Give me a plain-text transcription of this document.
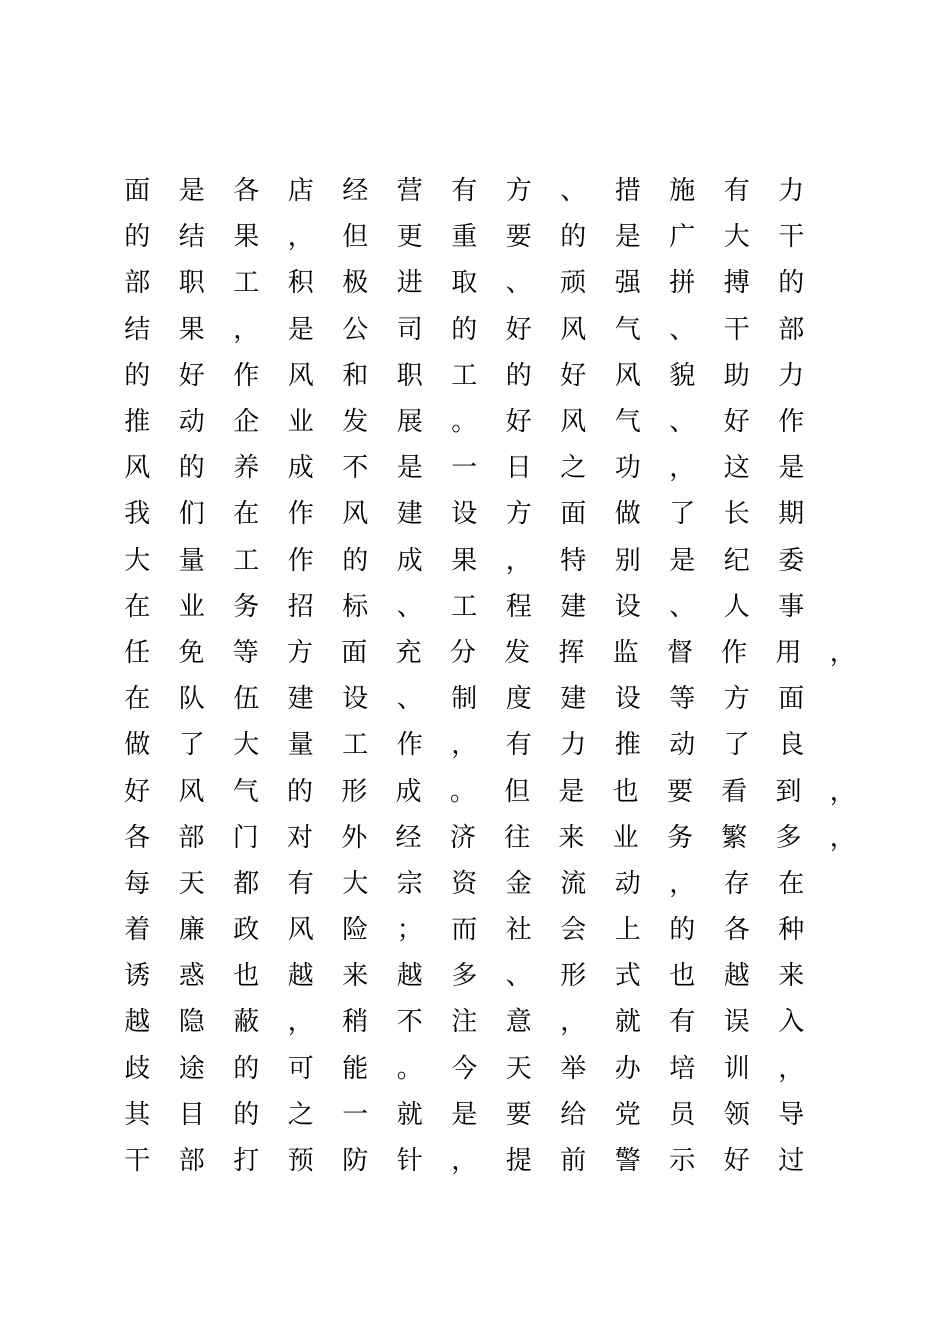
面	是	各	店	经	营	有	方	、	措	施	有	力
的	结	果	，	但	更	重	要	的	是	广	大	干
部	职	工	积	极	进	取	、	顽	强	拼	搏	的
结	果	，	是	公	司	的	好	风	气	、	干	部
的	好	作	风	和	职	工	的	好	风	貌	助	力
推	动	企	业	发	展	。	好	风	气	、	好	作
风	的	养	成	不	是	一	日	之	功	，	这	是
我	们	在	作	风	建	设	方	面	做	了	长	期
大	量	工	作	的	成	果	，	特	别	是	纪	委
在	业	务	招	标	、	工	程	建	设	、	人	事
任	免	等	方	面	充	分	发	挥	监	督	作	用	，
在	队	伍	建	设	、	制	度	建	设	等	方	面
做	了	大	量	工	作	，	有	力	推	动	了	良
好	风	气	的	形	成	。	但	是	也	要	看	到	，
各	部	门	对	外	经	济	往	来	业	务	繁	多	，
每	天	都	有	大	宗	资	金	流	动	，	存	在
着	廉	政	风	险	；	而	社	会	上	的	各	种
诱	惑	也	越	来	越	多	、	形	式	也	越	来
越	隐	蔽	，	稍	不	注	意	，	就	有	误	入
歧	途	的	可	能	。	今	天	举	办	培	训	，
其	目	的	之	一	就	是	要	给	党	员	领	导
干	部	打	预	防	针	，	提	前	警	示	好	过
